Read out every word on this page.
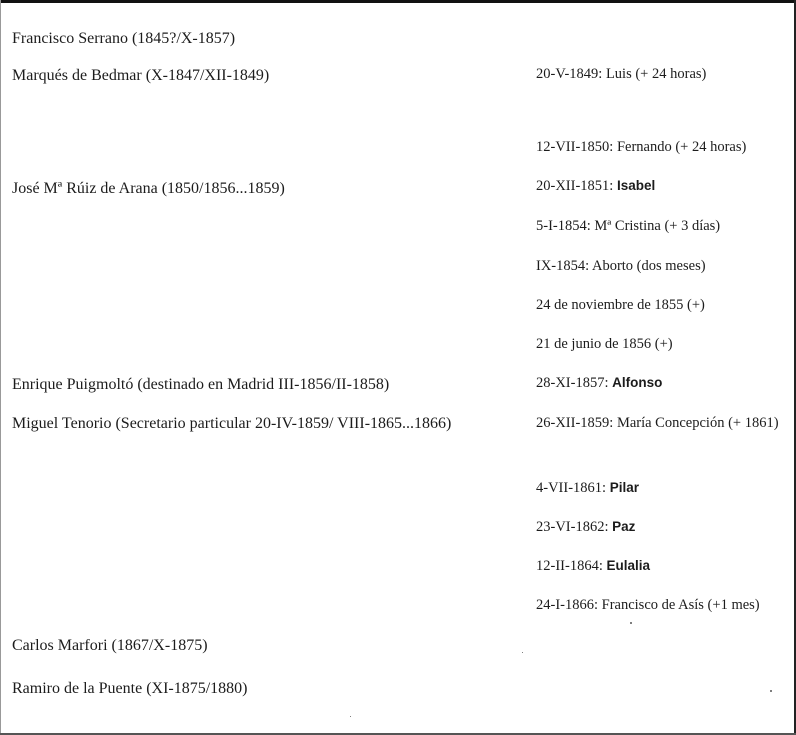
Francisco Serrano (1845?/X-1857)
Marqués de Bedmar (X-1847/XII-1849)
José Mª Rúiz de Arana (1850/1856...1859)
Enrique Puigmoltó (destinado en Madrid III-1856/II-1858)
Miguel Tenorio (Secretario particular 20-IV-1859/ VIII-1865...1866)
Carlos Marfori (1867/X-1875)
Ramiro de la Puente (XI-1875/1880)
20-V-1849: Luis (+ 24 horas)
12-VII-1850: Fernando (+ 24 horas)
20-XII-1851: Isabel
5-I-1854: Mª Cristina (+ 3 días)
IX-1854: Aborto (dos meses)
24 de noviembre de 1855 (+)
21 de junio de 1856 (+)
28-XI-1857: Alfonso
26-XII-1859: María Concepción (+ 1861)
4-VII-1861: Pilar
23-VI-1862: Paz
12-II-1864: Eulalia
24-I-1866: Francisco de Asís (+1 mes)
